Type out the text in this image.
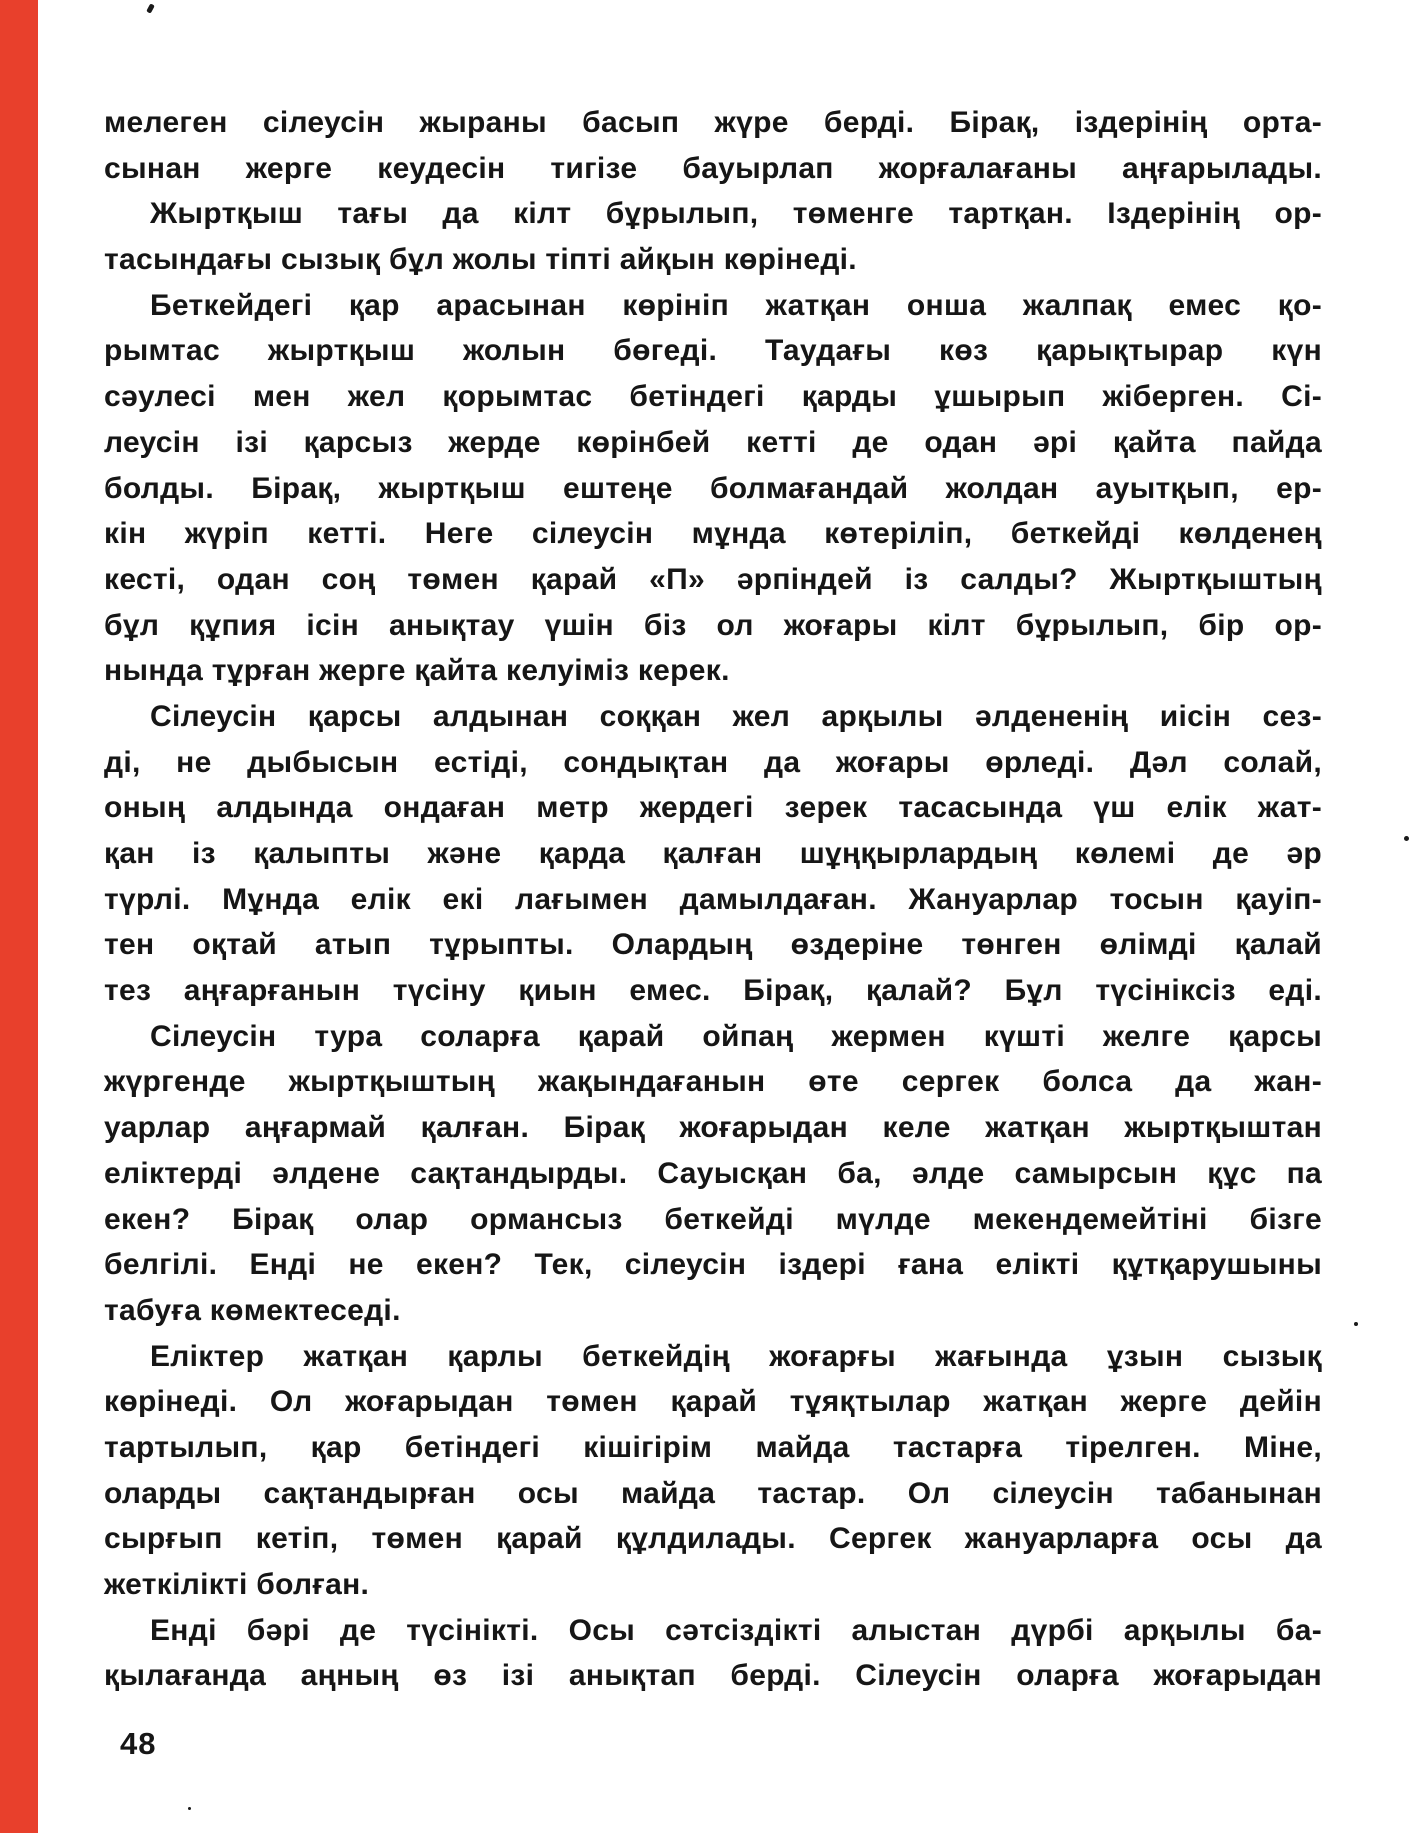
мелеген сілеусін жыраны басып жүре берді. Бірақ, іздерінің орта-
сынан жерге кеудесін тигізе бауырлап жорғалағаны аңғарылады.
Жыртқыш тағы да кілт бұрылып, төменге тартқан. Іздерінің ор-
тасындағы сызық бұл жолы тіпті айқын көрінеді.
Беткейдегі қар арасынан көрініп жатқан онша жалпақ емес қо-
рымтас жыртқыш жолын бөгеді. Таудағы көз қарықтырар күн
сәулесі мен жел қорымтас бетіндегі қарды ұшырып жіберген. Сі-
леусін ізі қарсыз жерде көрінбей кетті де одан әрі қайта пайда
болды. Бірақ, жыртқыш ештеңе болмағандай жолдан ауытқып, ер-
кін жүріп кетті. Неге сілеусін мұнда көтеріліп, беткейді көлденең
кесті, одан соң төмен қарай «П» әрпіндей із салды? Жыртқыштың
бұл құпия ісін анықтау үшін біз ол жоғары кілт бұрылып, бір ор-
нында тұрған жерге қайта келуіміз керек.
Сілеусін қарсы алдынан соққан жел арқылы әлдененің иісін сез-
ді, не дыбысын естіді, сондықтан да жоғары өрледі. Дәл солай,
оның алдында ондаған метр жердегі зерек тасасында үш елік жат-
қан із қалыпты және қарда қалған шұңқырлардың көлемі де әр
түрлі. Мұнда елік екі лағымен дамылдаған. Жануарлар тосын қауіп-
тен оқтай атып тұрыпты. Олардың өздеріне төнген өлімді қалай
тез аңғарғанын түсіну қиын емес. Бірақ, қалай? Бұл түсініксіз еді.
Сілеусін тура соларға қарай ойпаң жермен күшті желге қарсы
жүргенде жыртқыштың жақындағанын өте сергек болса да жан-
уарлар аңғармай қалған. Бірақ жоғарыдан келе жатқан жыртқыштан
еліктерді әлдене сақтандырды. Сауысқан ба, әлде самырсын құс па
екен? Бірақ олар ормансыз беткейді мүлде мекендемейтіні бізге
белгілі. Енді не екен? Тек, сілеусін іздері ғана елікті құтқарушыны
табуға көмектеседі.
Еліктер жатқан қарлы беткейдің жоғарғы жағында ұзын сызық
көрінеді. Ол жоғарыдан төмен қарай тұяқтылар жатқан жерге дейін
тартылып, қар бетіндегі кішігірім майда тастарға тірелген. Міне,
оларды сақтандырған осы майда тастар. Ол сілеусін табанынан
сырғып кетіп, төмен қарай құлдилады. Сергек жануарларға осы да
жеткілікті болған.
Енді бәрі де түсінікті. Осы сәтсіздікті алыстан дүрбі арқылы ба-
қылағанда аңның өз ізі анықтап берді. Сілеусін оларға жоғарыдан
48
